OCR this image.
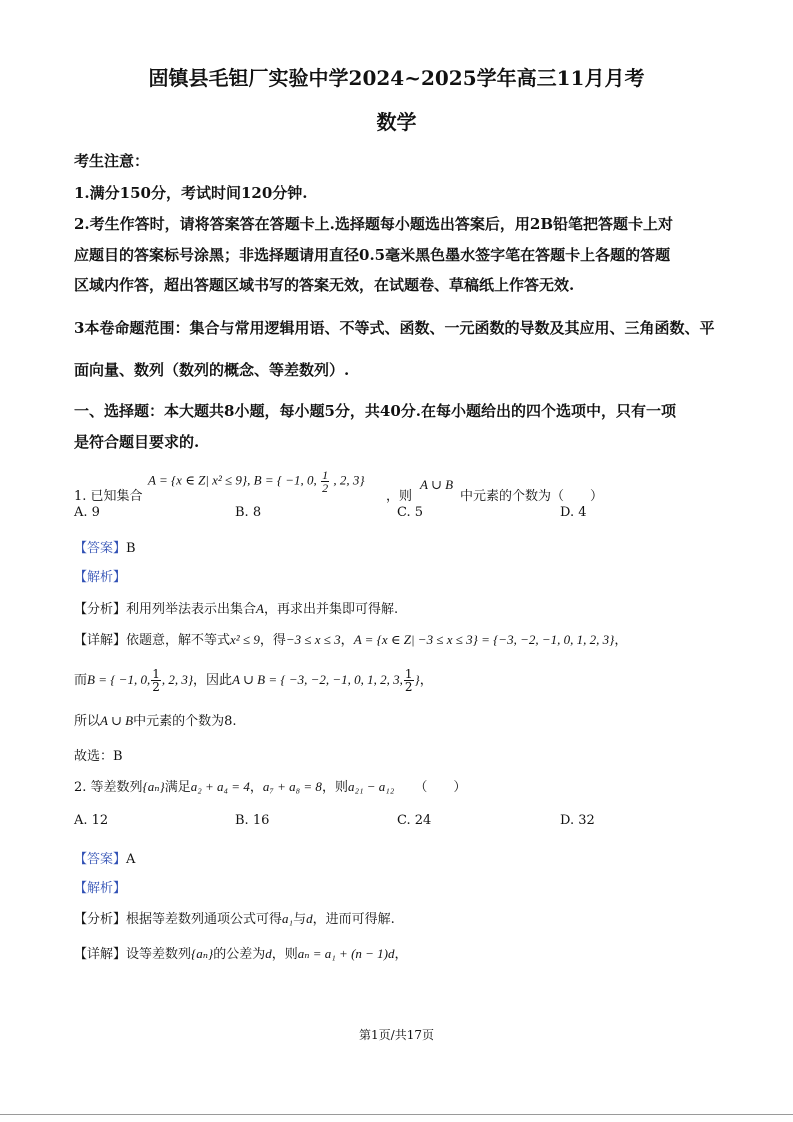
固镇县毛钽厂实验中学2024~2025学年高三11月月考
数学
考生注意：
1.满分150分，考试时间120分钟.
2.考生作答时，请将答案答在答题卡上.选择题每小题选出答案后，用2B铅笔把答题卡上对
应题目的答案标号涂黑；非选择题请用直径0.5毫米黑色墨水签字笔在答题卡上各题的答题
区域内作答，超出答题区域书写的答案无效，在试题卷、草稿纸上作答无效.
3本卷命题范围：集合与常用逻辑用语、不等式、函数、一元函数的导数及其应用、三角函数、平
面向量、数列（数列的概念、等差数列）.
一、选择题：本大题共8小题，每小题5分，共40分.在每小题给出的四个选项中，只有一项
是符合题目要求的.
1. 已知集合
A = {x ∈ Z| x² ≤ 9}, B = { −1, 0, $\frac{1}{2}$ , 2, 3}
，则
A ∪ B
中元素的个数为（　　）
A. 9	B. 8	C. 5	D. 4
【答案】B
【解析】
【分析】利用列举法表示出集合A，再求出并集即可得解.
【详解】依题意，解不等式x² ≤ 9，得−3 ≤ x ≤ 3，A = {x ∈ Z| −3 ≤ x ≤ 3} = {−3, −2, −1, 0, 1, 2, 3}，
而B = { −1, 0, $\frac{1}{2}$ , 2, 3}，因此A ∪ B = { −3, −2, −1, 0, 1, 2, 3, $\frac{1}{2}$ }，
所以A ∪ B中元素的个数为8.
故选：B
2. 等差数列{aₙ}满足a₂ + a₄ = 4，a₇ + a₈ = 8，则a₂₁ − a₁₂ （　　）
A. 12	B. 16	C. 24	D. 32
【答案】A
【解析】
【分析】根据等差数列通项公式可得a₁与d，进而可得解.
【详解】设等差数列{aₙ}的公差为d，则aₙ = a₁ + (n − 1)d，
第1页/共17页
